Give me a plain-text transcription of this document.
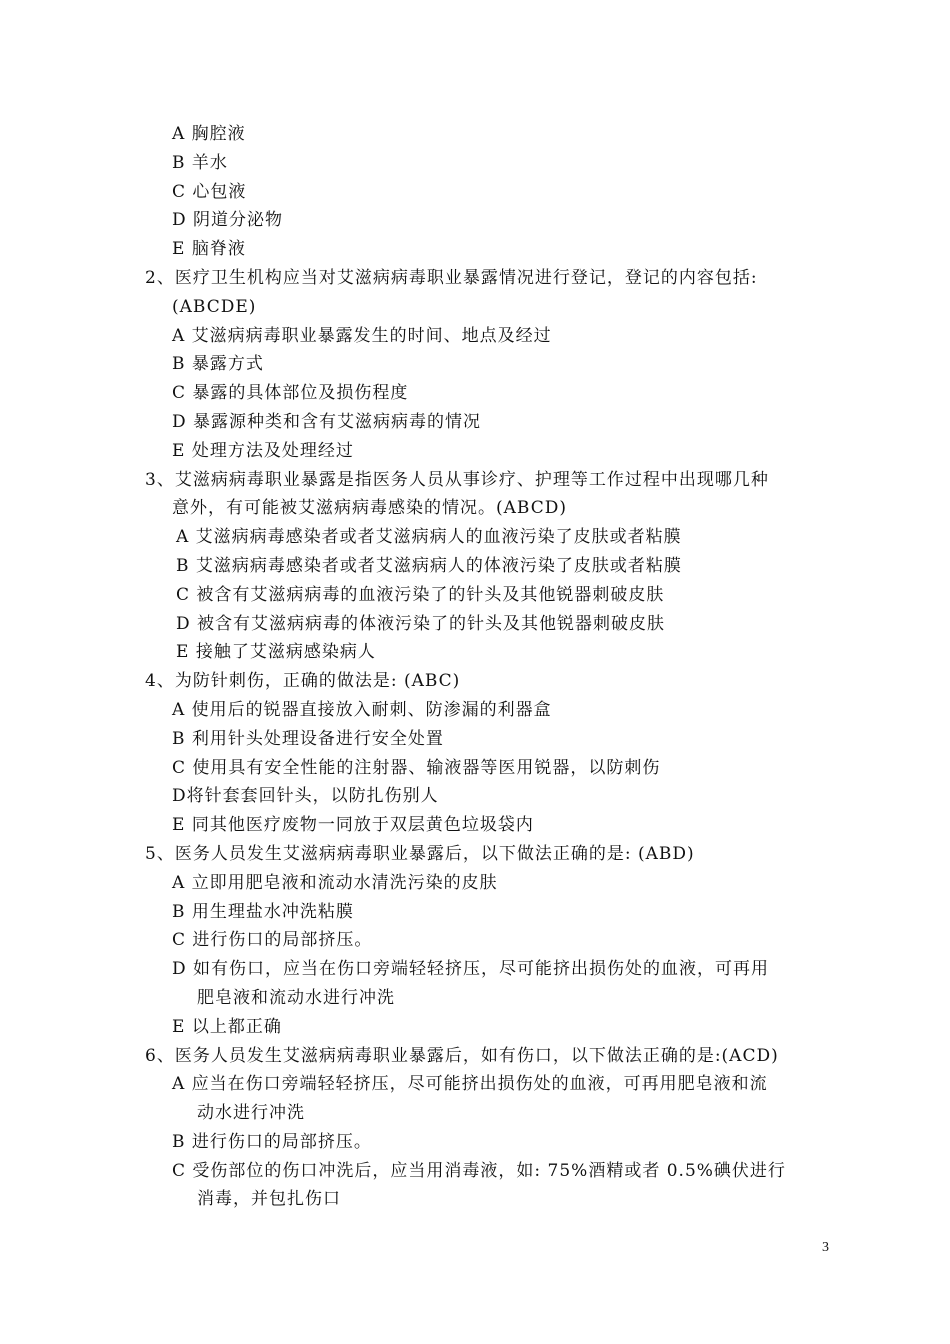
A 胸腔液
B 羊水
C 心包液
D 阴道分泌物
E 脑脊液
2、医疗卫生机构应当对艾滋病病毒职业暴露情况进行登记，登记的内容包括:
(ABCDE)
A 艾滋病病毒职业暴露发生的时间、地点及经过
B 暴露方式
C 暴露的具体部位及损伤程度
D 暴露源种类和含有艾滋病病毒的情况
E 处理方法及处理经过
3、艾滋病病毒职业暴露是指医务人员从事诊疗、护理等工作过程中出现哪几种
意外，有可能被艾滋病病毒感染的情况。(ABCD)
A 艾滋病病毒感染者或者艾滋病病人的血液污染了皮肤或者粘膜
B 艾滋病病毒感染者或者艾滋病病人的体液污染了皮肤或者粘膜
C 被含有艾滋病病毒的血液污染了的针头及其他锐器刺破皮肤
D 被含有艾滋病病毒的体液污染了的针头及其他锐器刺破皮肤
E 接触了艾滋病感染病人
4、为防针刺伤，正确的做法是: (ABC)
A 使用后的锐器直接放入耐刺、防渗漏的利器盒
B 利用针头处理设备进行安全处置
C 使用具有安全性能的注射器、输液器等医用锐器，以防刺伤
D将针套套回针头，以防扎伤别人
E 同其他医疗废物一同放于双层黄色垃圾袋内
5、医务人员发生艾滋病病毒职业暴露后，以下做法正确的是: (ABD)
A 立即用肥皂液和流动水清洗污染的皮肤
B 用生理盐水冲洗粘膜
C 进行伤口的局部挤压。
D 如有伤口，应当在伤口旁端轻轻挤压，尽可能挤出损伤处的血液，可再用
肥皂液和流动水进行冲洗
E 以上都正确
6、医务人员发生艾滋病病毒职业暴露后，如有伤口，以下做法正确的是:(ACD)
A 应当在伤口旁端轻轻挤压，尽可能挤出损伤处的血液，可再用肥皂液和流
动水进行冲洗
B 进行伤口的局部挤压。
C 受伤部位的伤口冲洗后，应当用消毒液，如: 75%酒精或者 0.5%碘伏进行
消毒，并包扎伤口
3
